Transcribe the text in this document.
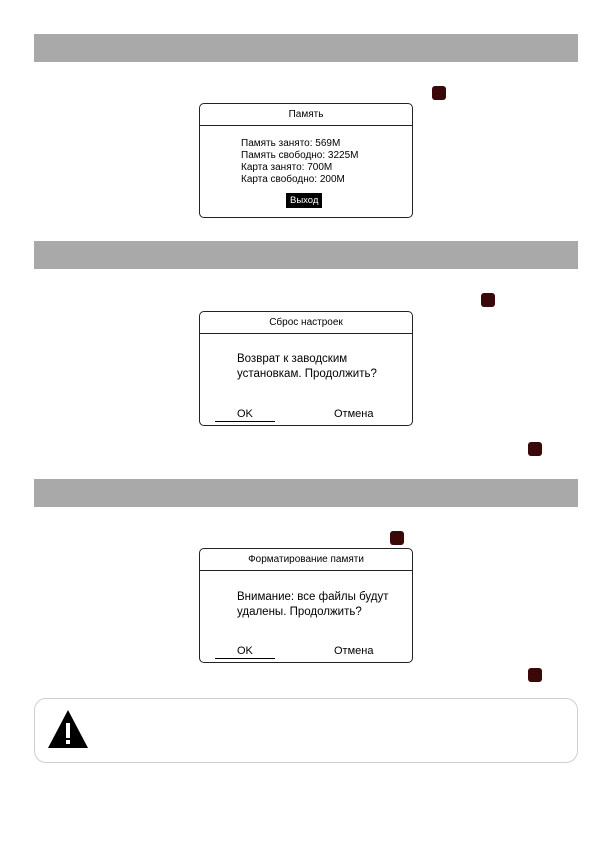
Память
Память занято: 569M
Память свободно: 3225M
Карта занято: 700M
Карта свободно: 200M
Выход
Сброс настроек
Возврат к заводским
установкам. Продолжить?
OK	Отмена
Форматирование памяти
Внимание: все файлы будут
удалены. Продолжить?
OK	Отмена
